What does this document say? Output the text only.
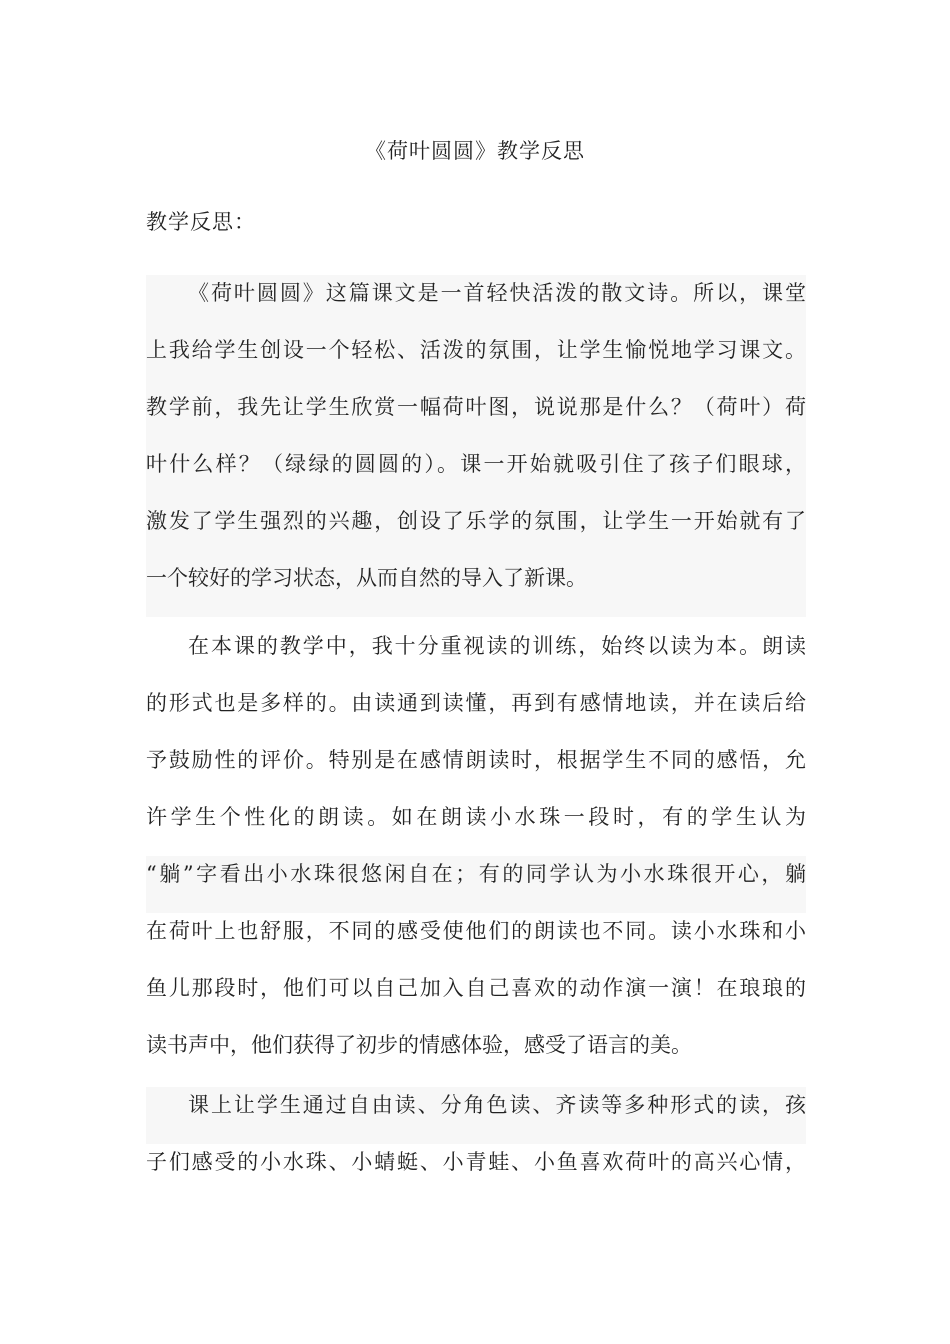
《荷叶圆圆》教学反思
教学反思：
《荷叶圆圆》这篇课文是一首轻快活泼的散文诗。所以，课堂
上我给学生创设一个轻松、活泼的氛围，让学生愉悦地学习课文。
教学前，我先让学生欣赏一幅荷叶图，说说那是什么？（荷叶）荷
叶什么样？（绿绿的圆圆的）。课一开始就吸引住了孩子们眼球，
激发了学生强烈的兴趣，创设了乐学的氛围，让学生一开始就有了
一个较好的学习状态，从而自然的导入了新课。
在本课的教学中，我十分重视读的训练，始终以读为本。朗读
的形式也是多样的。由读通到读懂，再到有感情地读，并在读后给
予鼓励性的评价。特别是在感情朗读时，根据学生不同的感悟，允
许学生个性化的朗读。如在朗读小水珠一段时，有的学生认为
“躺”字看出小水珠很悠闲自在；有的同学认为小水珠很开心，躺
在荷叶上也舒服，不同的感受使他们的朗读也不同。读小水珠和小
鱼儿那段时，他们可以自己加入自己喜欢的动作演一演！在琅琅的
读书声中，他们获得了初步的情感体验，感受了语言的美。
课上让学生通过自由读、分角色读、齐读等多种形式的读，孩
子们感受的小水珠、小蜻蜓、小青蛙、小鱼喜欢荷叶的高兴心情，
